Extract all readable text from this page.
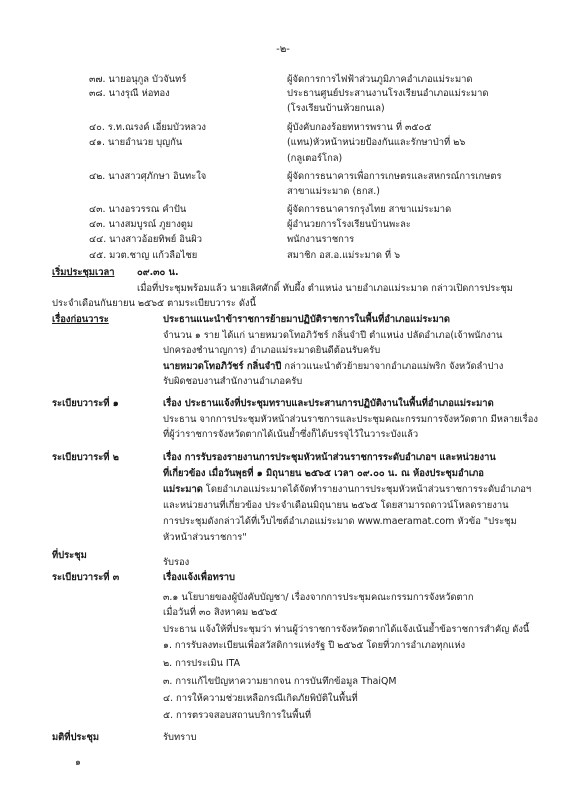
-๒-
๓๗. นายอนุกูล บัวจันทร์	ผู้จัดการการไฟฟ้าส่วนภูมิภาคอำเภอแม่ระมาด
๓๘. นางรุณี ห่อทอง	ประธานศูนย์ประสานงานโรงเรียนอำเภอแม่ระมาด
(โรงเรียนบ้านห้วยกนเล)
๔๐. ร.ท.ณรงค์ เอี่ยมบัวหลวง	ผู้บังคับกองร้อยทหารพราน ที่ ๓๕๐๕
๔๑. นายอำนวย บุญกัน	(แทน)หัวหน้าหน่วยป้องกันและรักษาป่าที่ ๒๖
(กลูเตอร์โกล)
๔๒. นางสาวศุภักษา อินทะใจ	ผู้จัดการธนาคารเพื่อการเกษตรและสหกรณ์การเกษตร
สาขาแม่ระมาด (ธกส.)
๔๓. นางอรวรรณ คำปัน	ผู้จัดการธนาคารกรุงไทย สาขาแม่ระมาด
๔๓. นางสมบูรณ์ ภูยางตูม	ผู้อำนวยการโรงเรียนบ้านพะละ
๔๔. นางสาวอ้อยทิพย์ อินผิว	พนักงานราชการ
๔๕. มวต.ชาญ แก้วลือไชย	สมาชิก อส.อ.แม่ระมาด ที่ ๖
เริ่มประชุมเวลา ๐๙.๓๐ น.
เมื่อที่ประชุมพร้อมแล้ว นายเลิศศักดิ์ ทับผึ้ง ตำแหน่ง นายอำเภอแม่ระมาด กล่าวเปิดการประชุม
ประจำเดือนกันยายน ๒๕๖๕ ตามระเบียบวาระ ดังนี้
เรื่องก่อนวาระ	ประธานแนะนำข้าราชการย้ายมาปฏิบัติราชการในพื้นที่อำเภอแม่ระมาด
จำนวน ๑ ราย ได้แก่ นายหมวดโทอภิวัชร์ กลิ่นจำปี ตำแหน่ง ปลัดอำเภอ(เจ้าพนักงาน
ปกครองชำนาญการ) อำเภอแม่ระมาดยินดีต้อนรับครับ
นายหมวดโทอภิวัชร์ กลิ่นจำปี กล่าวแนะนำตัวย้ายมาจากอำเภอแม่พริก จังหวัดลำปาง
รับผิดชอบงานสำนักงานอำเภอครับ
ระเบียบวาระที่ ๑	เรื่อง ประธานแจ้งที่ประชุมทราบและประสานการปฏิบัติงานในพื้นที่อำเภอแม่ระมาด
ประธาน จากการประชุมหัวหน้าส่วนราชการและประชุมคณะกรรมการจังหวัดตาก มีหลายเรื่อง
ที่ผู้ว่าราชการจังหวัดตากได้เน้นย้ำซึ่งก็ได้บรรจุไว้ในวาระบังแล้ว
ระเบียบวาระที่ ๒	เรื่อง การรับรองรายงานการประชุมหัวหน้าส่วนราชการระดับอำเภอฯ และหน่วยงาน
ที่เกี่ยวข้อง เมื่อวันพุธที่ ๑ มิถุนายน ๒๕๖๕ เวลา ๐๙.๐๐ น. ณ ห้องประชุมอำเภอ
แม่ระมาด โดยอำเภอแม่ระมาดได้จัดทำรายงานการประชุมหัวหน้าส่วนราชการระดับอำเภอฯ
และหน่วยงานที่เกี่ยวข้อง ประจำเดือนมิถุนายน ๒๕๖๕ โดยสามารถดาวน์โหลดรายงาน
การประชุมดังกล่าวได้ที่เว็บไซต์อำเภอแม่ระมาด www.maeramat.com หัวข้อ "ประชุม
หัวหน้าส่วนราชการ"
ที่ประชุม
รับรอง
ระเบียบวาระที่ ๓	เรื่องแจ้งเพื่อทราบ
๓.๑ นโยบายของผู้บังคับบัญชา/ เรื่องจากการประชุมคณะกรรมการจังหวัดตาก
เมื่อวันที่ ๓๐ สิงหาคม ๒๕๖๕
ประธาน แจ้งให้ที่ประชุมว่า ท่านผู้ว่าราชการจังหวัดตากได้แจ้งเน้นย้ำข้อราชการสำคัญ ดังนี้
๑. การรับลงทะเบียนเพื่อสวัสดิการแห่งรัฐ ปี ๒๕๖๕ โดยที่วการอำเภอทุกแห่ง
๒. การประเมิน ITA
๓. การแก้ไขปัญหาความยากจน การบันทึกข้อมูล ThaiQM
๔. การให้ความช่วยเหลือกรณีเกิดภัยพิบัติในพื้นที่
๕. การตรวจสอบสถานบริการในพื้นที่
มติที่ประชุม	รับทราบ
๑
